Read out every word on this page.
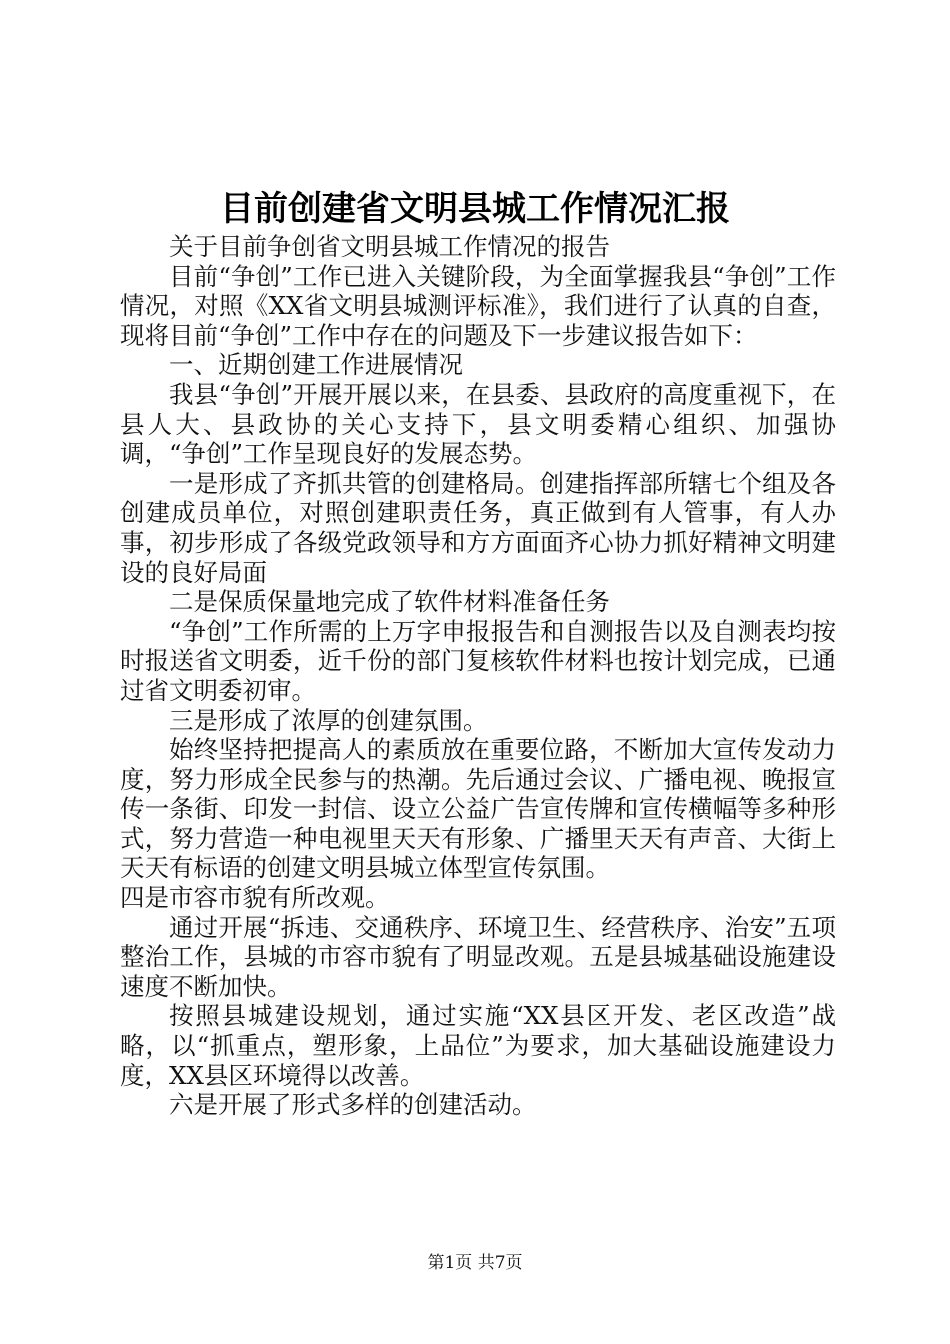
目前创建省文明县城工作情况汇报

关于目前争创省文明县城工作情况的报告

目前“争创”工作已进入关键阶段，为全面掌握我县“争创”工作情况，对照《XX省文明县城测评标准》，我们进行了认真的自查，现将目前“争创”工作中存在的问题及下一步建议报告如下：

一、近期创建工作进展情况

我县“争创”开展开展以来，在县委、县政府的高度重视下，在县人大、县政协的关心支持下，县文明委精心组织、加强协调，“争创”工作呈现良好的发展态势。

一是形成了齐抓共管的创建格局。创建指挥部所辖七个组及各创建成员单位，对照创建职责任务，真正做到有人管事，有人办事，初步形成了各级党政领导和方方面面齐心协力抓好精神文明建设的良好局面

二是保质保量地完成了软件材料准备任务

“争创”工作所需的上万字申报报告和自测报告以及自测表均按时报送省文明委，近千份的部门复核软件材料也按计划完成，已通过省文明委初审。

三是形成了浓厚的创建氛围。

始终坚持把提高人的素质放在重要位路，不断加大宣传发动力度，努力形成全民参与的热潮。先后通过会议、广播电视、晚报宣传一条街、印发一封信、设立公益广告宣传牌和宣传横幅等多种形式，努力营造一种电视里天天有形象、广播里天天有声音、大街上天天有标语的创建文明县城立体型宣传氛围。

四是市容市貌有所改观。

通过开展“拆违、交通秩序、环境卫生、经营秩序、治安”五项整治工作，县城的市容市貌有了明显改观。五是县城基础设施建设速度不断加快。

按照县城建设规划，通过实施“XX县区开发、老区改造”战略，以“抓重点，塑形象，上品位”为要求，加大基础设施建设力度，XX县区环境得以改善。

六是开展了形式多样的创建活动。

第1页 共7页
